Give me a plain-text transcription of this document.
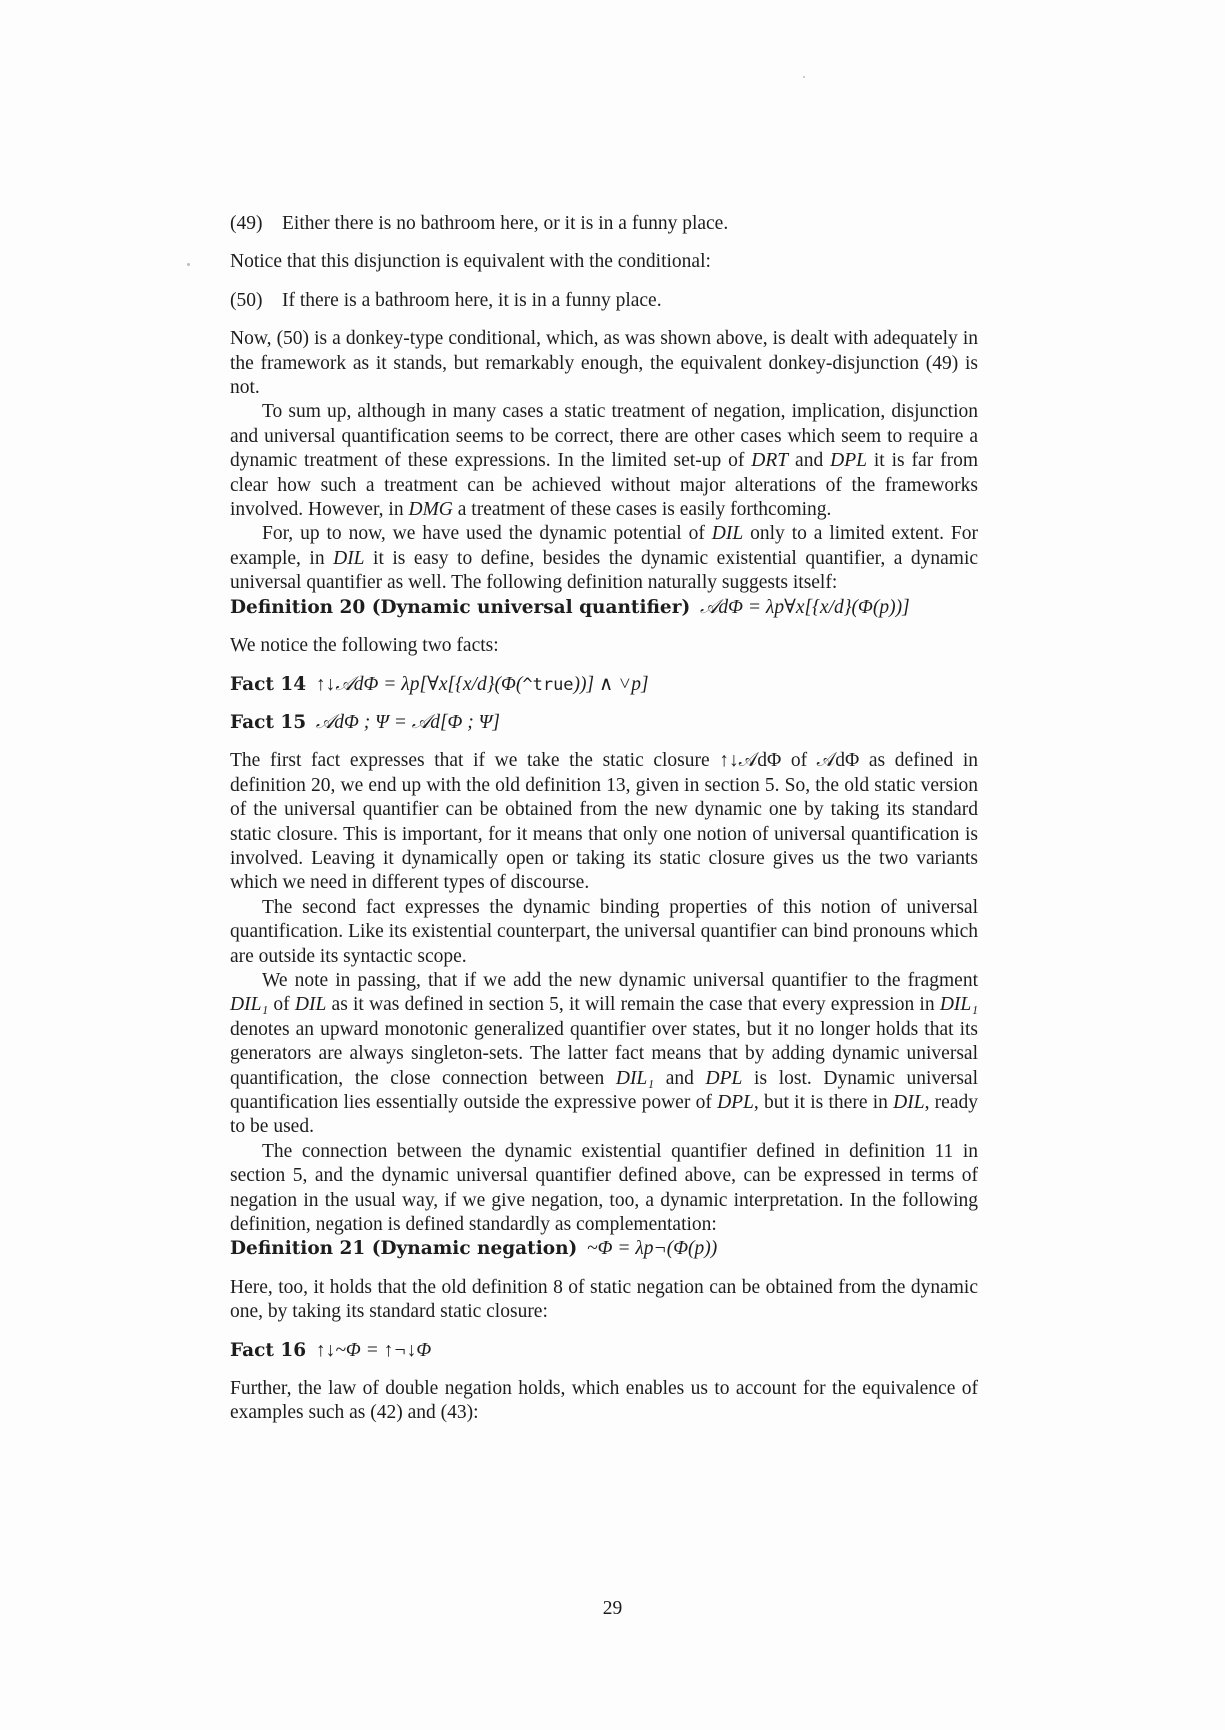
(49) Either there is no bathroom here, or it is in a funny place.

Notice that this disjunction is equivalent with the conditional:

(50) If there is a bathroom here, it is in a funny place.

Now, (50) is a donkey-type conditional, which, as was shown above, is dealt with adequately in the framework as it stands, but remarkably enough, the equivalent donkey-disjunction (49) is not.

To sum up, although in many cases a static treatment of negation, implication, disjunction and universal quantification seems to be correct, there are other cases which seem to require a dynamic treatment of these expressions. In the limited set-up of DRT and DPL it is far from clear how such a treatment can be achieved without major alterations of the frameworks involved. However, in DMG a treatment of these cases is easily forthcoming.

For, up to now, we have used the dynamic potential of DIL only to a limited extent. For example, in DIL it is easy to define, besides the dynamic existential quantifier, a dynamic universal quantifier as well. The following definition naturally suggests itself:

Definition 20 (Dynamic universal quantifier) 𝒜dΦ = λp∀x[{x/d}(Φ(p))]

We notice the following two facts:

Fact 14 ↑↓𝒜dΦ = λp[∀x[{x/d}(Φ(^true))] ∧ ˅p]

Fact 15 𝒜dΦ ; Ψ = 𝒜d[Φ ; Ψ]

The first fact expresses that if we take the static closure ↑↓𝒜dΦ of 𝒜dΦ as defined in definition 20, we end up with the old definition 13, given in section 5. So, the old static version of the universal quantifier can be obtained from the new dynamic one by taking its standard static closure. This is important, for it means that only one notion of universal quantification is involved. Leaving it dynamically open or taking its static closure gives us the two variants which we need in different types of discourse.

The second fact expresses the dynamic binding properties of this notion of universal quantification. Like its existential counterpart, the universal quantifier can bind pronouns which are outside its syntactic scope.

We note in passing, that if we add the new dynamic universal quantifier to the fragment DIL₁ of DIL as it was defined in section 5, it will remain the case that every expression in DIL₁ denotes an upward monotonic generalized quantifier over states, but it no longer holds that its generators are always singleton-sets. The latter fact means that by adding dynamic universal quantification, the close connection between DIL₁ and DPL is lost. Dynamic universal quantification lies essentially outside the expressive power of DPL, but it is there in DIL, ready to be used.

The connection between the dynamic existential quantifier defined in definition 11 in section 5, and the dynamic universal quantifier defined above, can be expressed in terms of negation in the usual way, if we give negation, too, a dynamic interpretation. In the following definition, negation is defined standardly as complementation:

Definition 21 (Dynamic negation) ~Φ = λp¬(Φ(p))

Here, too, it holds that the old definition 8 of static negation can be obtained from the dynamic one, by taking its standard static closure:

Fact 16 ↑↓~Φ = ↑¬↓Φ

Further, the law of double negation holds, which enables us to account for the equivalence of examples such as (42) and (43):

29
